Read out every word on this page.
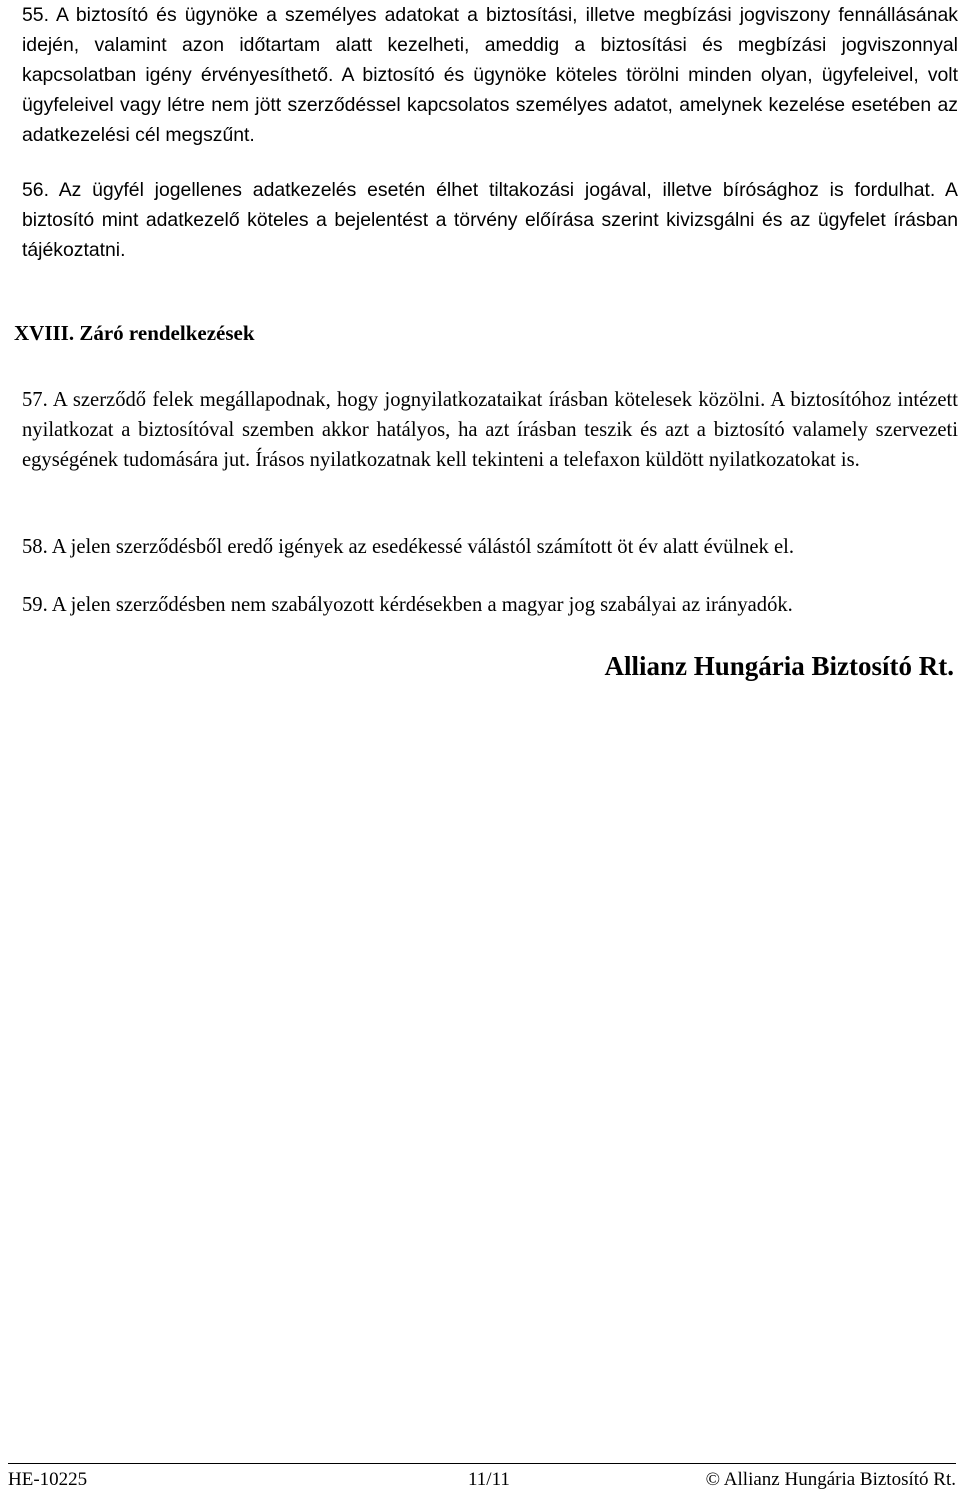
55. A biztosító és ügynöke a személyes adatokat a biztosítási, illetve megbízási jogviszony fennállásának idején, valamint azon időtartam alatt kezelheti, ameddig a biztosítási és megbízási jogviszonnyal kapcsolatban igény érvényesíthető. A biztosító és ügynöke köteles törölni minden olyan, ügyfeleivel, volt ügyfeleivel vagy létre nem jött szerződéssel kapcsolatos személyes adatot, amelynek kezelése esetében az adatkezelési cél megszűnt.

56. Az ügyfél jogellenes adatkezelés esetén élhet tiltakozási jogával, illetve bírósághoz is fordulhat. A biztosító mint adatkezelő köteles a bejelentést a törvény előírása szerint kivizsgálni és az ügyfelet írásban tájékoztatni.

XVIII. Záró rendelkezések

57. A szerződő felek megállapodnak, hogy jognyilatkozataikat írásban kötelesek közölni. A biztosítóhoz intézett nyilatkozat a biztosítóval szemben akkor hatályos, ha azt írásban teszik és azt a biztosító valamely szervezeti egységének tudomására jut. Írásos nyilatkozatnak kell tekinteni a telefaxon küldött nyilatkozatokat is.

58. A jelen szerződésből eredő igények az esedékessé válástól számított öt év alatt évülnek el.

59. A jelen szerződésben nem szabályozott kérdésekben a magyar jog szabályai az irányadók.

Allianz Hungária Biztosító Rt.
HE-10225	11/11	© Allianz Hungária Biztosító Rt.
